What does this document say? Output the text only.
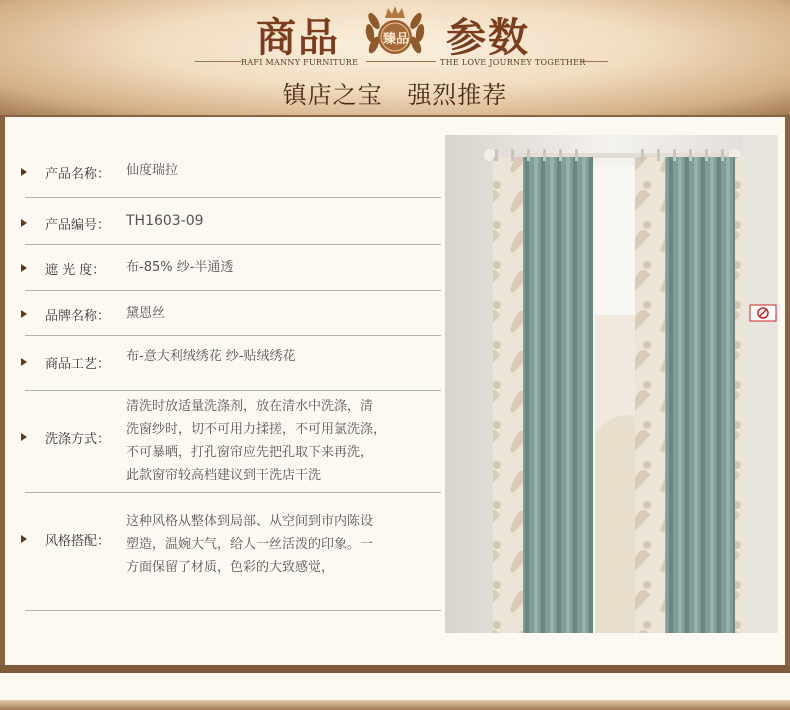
商品	臻品 参数
RAFI MANNY FURNITURE	THE LOVE JOURNEY TOGETHER
镇店之宝 强烈推荐
产品名称： 仙度瑞拉
产品编号： TH1603-09
遮 光 度： 布-85% 纱-半通透
品牌名称： 黛恩丝
商品工艺：
布-意大利绒绣花 纱-贴绒绣花
洗涤方式：
清洗时放适量洗涤剂，放在清水中洗涤，清
洗窗纱时，切不可用力揉搓，不可用氯洗涤，
不可暴晒，打孔窗帘应先把孔取下来再洗，
此款窗帘较高档建议到干洗店干洗
风格搭配：
这种风格从整体到局部、从空间到市内陈设
塑造，温婉大气，给人一丝活泼的印象。一
方面保留了材质，色彩的大致感觉，
